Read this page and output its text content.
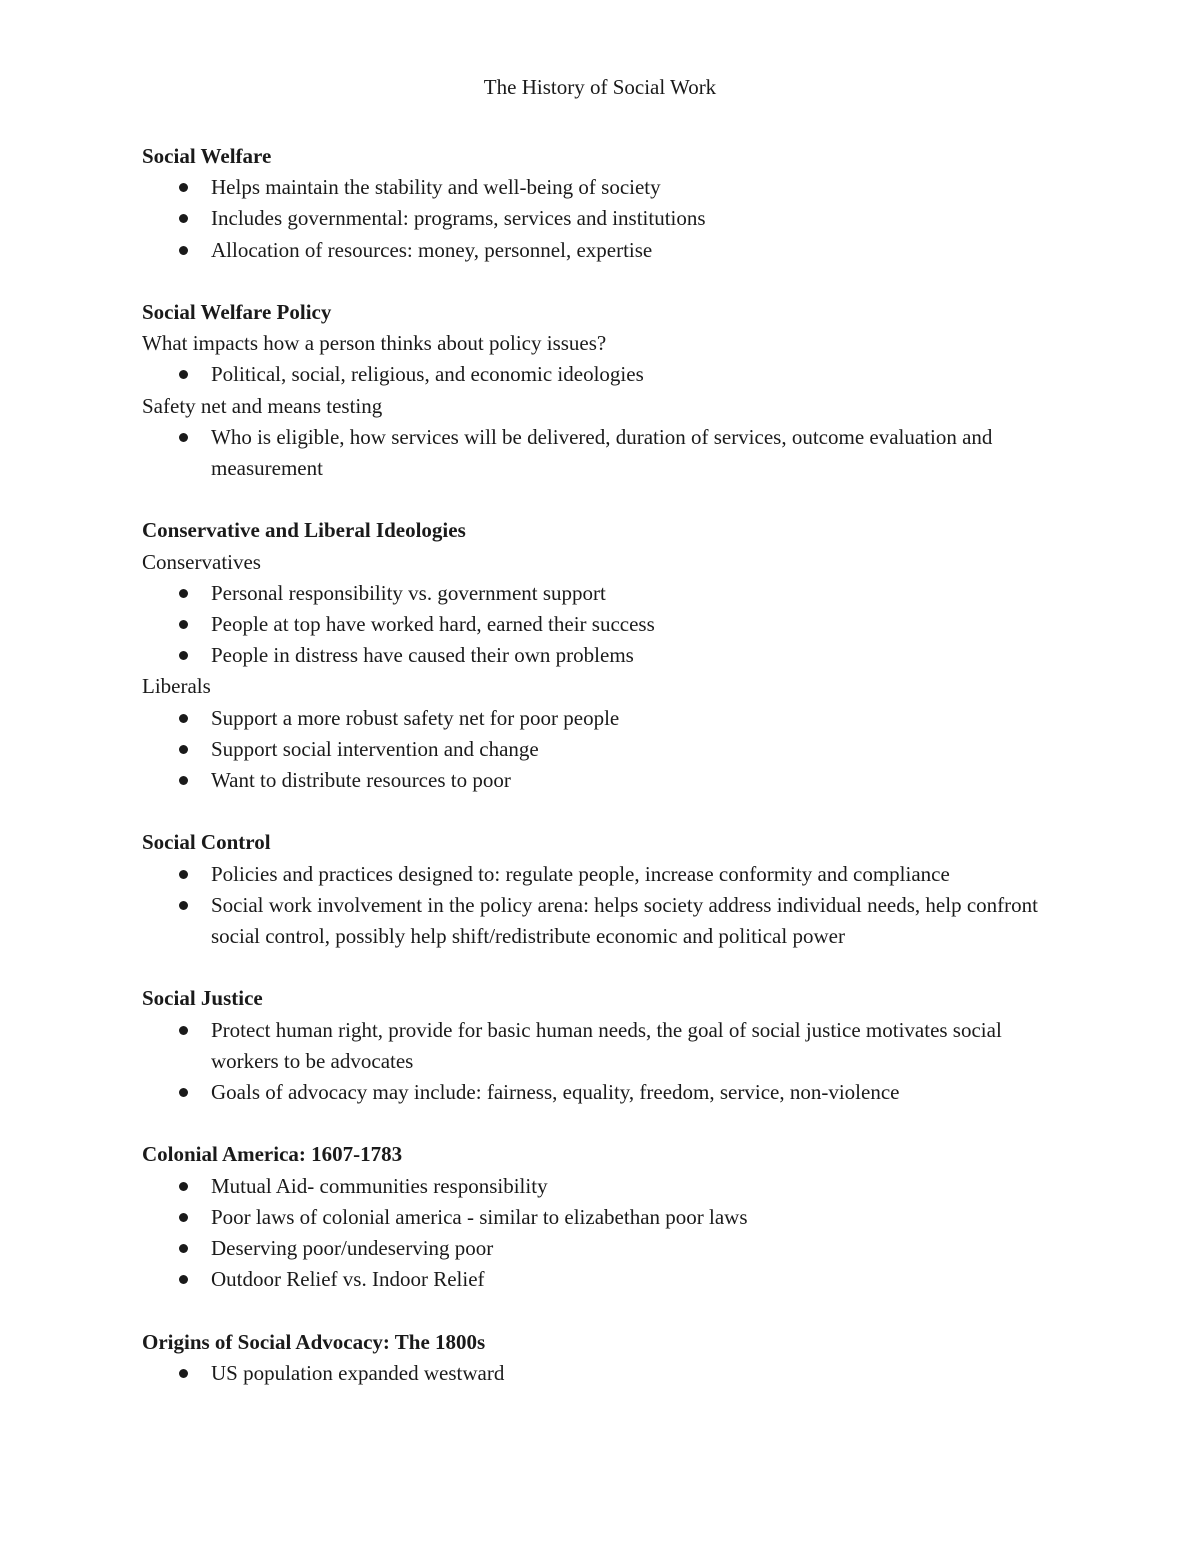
The History of Social Work

Social Welfare

Helps maintain the stability and well-being of society
Includes governmental: programs, services and institutions
Allocation of resources: money, personnel, expertise

Social Welfare Policy

What impacts how a person thinks about policy issues?

Political, social, religious, and economic ideologies

Safety net and means testing

Who is eligible, how services will be delivered, duration of services, outcome evaluation and measurement

Conservative and Liberal Ideologies

Conservatives

Personal responsibility vs. government support
People at top have worked hard, earned their success
People in distress have caused their own problems

Liberals

Support a more robust safety net for poor people
Support social intervention and change
Want to distribute resources to poor

Social Control

Policies and practices designed to: regulate people, increase conformity and compliance
Social work involvement in the policy arena: helps society address individual needs, help confront social control, possibly help shift/redistribute economic and political power

Social Justice

Protect human right, provide for basic human needs, the goal of social justice motivates social workers to be advocates
Goals of advocacy may include: fairness, equality, freedom, service, non-violence

Colonial America: 1607-1783

Mutual Aid- communities responsibility
Poor laws of colonial america - similar to elizabethan poor laws
Deserving poor/undeserving poor
Outdoor Relief vs. Indoor Relief

Origins of Social Advocacy: The 1800s

US population expanded westward
